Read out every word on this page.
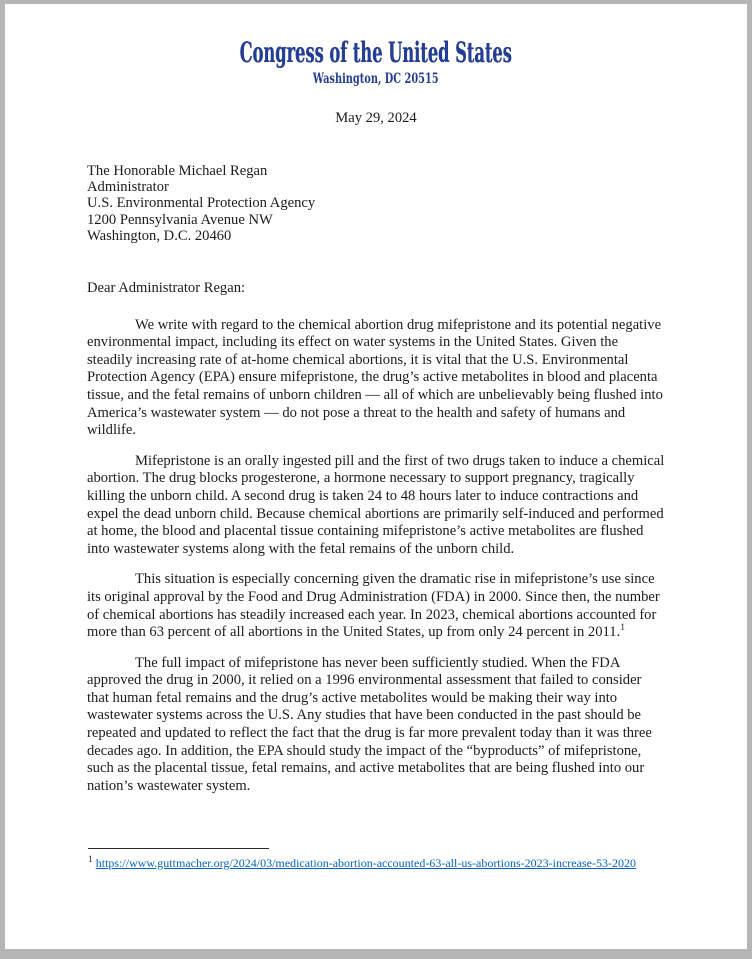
Congress of the United States
Washington, DC 20515
May 29, 2024
The Honorable Michael Regan
Administrator
U.S. Environmental Protection Agency
1200 Pennsylvania Avenue NW
Washington, D.C. 20460
Dear Administrator Regan:

We write with regard to the chemical abortion drug mifepristone and its potential negative environmental impact, including its effect on water systems in the United States. Given the steadily increasing rate of at-home chemical abortions, it is vital that the U.S. Environmental Protection Agency (EPA) ensure mifepristone, the drug’s active metabolites in blood and placenta tissue, and the fetal remains of unborn children — all of which are unbelievably being flushed into America’s wastewater system — do not pose a threat to the health and safety of humans and wildlife.

Mifepristone is an orally ingested pill and the first of two drugs taken to induce a chemical abortion. The drug blocks progesterone, a hormone necessary to support pregnancy, tragically killing the unborn child. A second drug is taken 24 to 48 hours later to induce contractions and expel the dead unborn child. Because chemical abortions are primarily self-induced and performed at home, the blood and placental tissue containing mifepristone’s active metabolites are flushed into wastewater systems along with the fetal remains of the unborn child.

This situation is especially concerning given the dramatic rise in mifepristone’s use since its original approval by the Food and Drug Administration (FDA) in 2000. Since then, the number of chemical abortions has steadily increased each year. In 2023, chemical abortions accounted for more than 63 percent of all abortions in the United States, up from only 24 percent in 2011.$^1$

The full impact of mifepristone has never been sufficiently studied. When the FDA approved the drug in 2000, it relied on a 1996 environmental assessment that failed to consider that human fetal remains and the drug’s active metabolites would be making their way into wastewater systems across the U.S. Any studies that have been conducted in the past should be repeated and updated to reflect the fact that the drug is far more prevalent today than it was three decades ago. In addition, the EPA should study the impact of the “byproducts” of mifepristone, such as the placental tissue, fetal remains, and active metabolites that are being flushed into our nation’s wastewater system.

$^1$ https://www.guttmacher.org/2024/03/medication-abortion-accounted-63-all-us-abortions-2023-increase-53-2020
